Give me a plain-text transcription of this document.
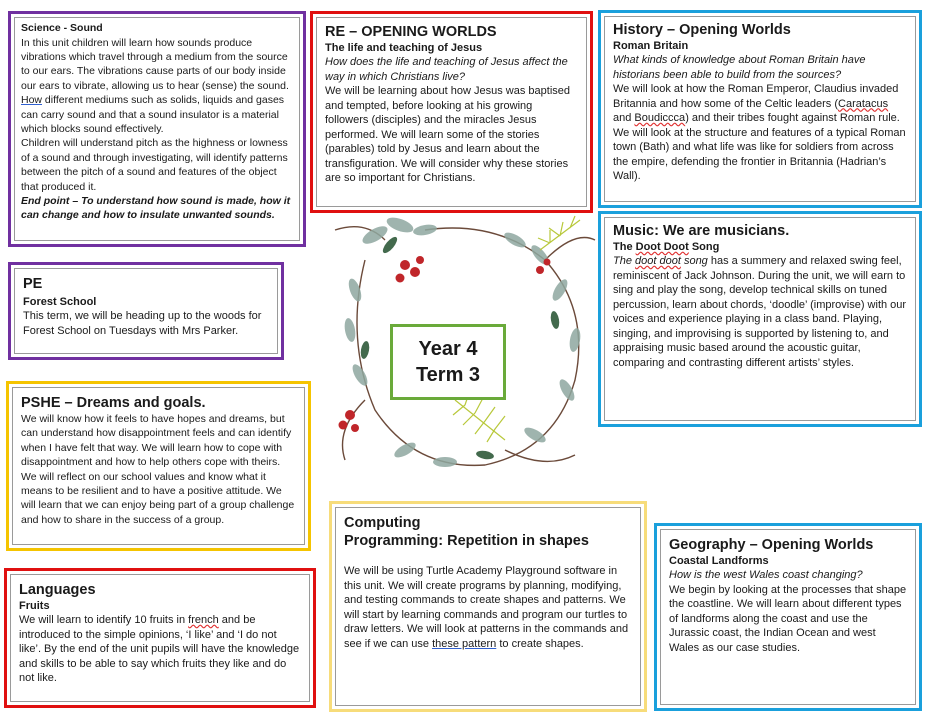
Science - Sound

In this unit children will learn how sounds produce vibrations which travel through a medium from the source to our ears. The vibrations cause parts of our body inside our ears to vibrate, allowing us to hear (sense) the sound. How different mediums such as solids, liquids and gases can carry sound and that a sound insulator is a material which blocks sound effectively.

Children will understand pitch as the highness or lowness of a sound and through investigating, will identify patterns between the pitch of a sound and features of the object that produced it.

End point – To understand how sound is made, how it can change and how to insulate unwanted sounds.

RE – OPENING WORLDS
The life and teaching of Jesus

How does the life and teaching of Jesus affect the way in which Christians live?

We will be learning about how Jesus was baptised and tempted, before looking at his growing followers (disciples) and the miracles Jesus performed. We will learn some of the stories (parables) told by Jesus and learn about the transfiguration. We will consider why these stories are so important for Christians.

History – Opening Worlds
Roman Britain

What kinds of knowledge about Roman Britain have historians been able to build from the sources?

We will look at how the Roman Emperor, Claudius invaded Britannia and how some of the Celtic leaders (Caratacus and Boudiccca) and their tribes fought against Roman rule. We will look at the structure and features of a typical Roman town (Bath) and what life was like for soldiers from across the empire, defending the frontier in Britannia (Hadrian’s Wall).

PE
Forest School

This term, we will be heading up to the woods for Forest School on Tuesdays with Mrs Parker.

Music: We are musicians.
The Doot Doot Song

The doot doot song has a summery and relaxed swing feel, reminiscent of Jack Johnson. During the unit, we will earn to sing and play the song, develop technical skills on tuned percussion, learn about chords, ‘doodle’ (improvise) with our voices and experience playing in a class band. Playing, singing, and improvising is supported by listening to, and appraising music based around the acoustic guitar, comparing and contrasting different artists’ styles.

Year 4
Term 3
PSHE – Dreams and goals.

We will know how it feels to have hopes and dreams, but can understand how disappointment feels and can identify when I have felt that way. We will learn how to cope with disappointment and how to help others cope with theirs. We will reflect on our school values and know what it means to be resilient and to have a positive attitude. We will learn that we can enjoy being part of a group challenge and how to share in the success of a group.

Languages
Fruits

We will learn to identify 10 fruits in french and be introduced to the simple opinions, ‘I like’ and ‘I do not like’. By the end of the unit pupils will have the knowledge and skills to be able to say which fruits they like and do not like.

Computing
Programming: Repetition in shapes

We will be using Turtle Academy Playground software in this unit. We will create programs by planning, modifying, and testing commands to create shapes and patterns. We will start by learning commands and program our turtles to draw letters. We will look at patterns in the commands and see if we can use these pattern to create shapes.

Geography – Opening Worlds
Coastal Landforms

How is the west Wales coast changing?

We begin by looking at the processes that shape the coastline. We will learn about different types of landforms along the coast and use the Jurassic coast, the Indian Ocean and west Wales as our case studies.
